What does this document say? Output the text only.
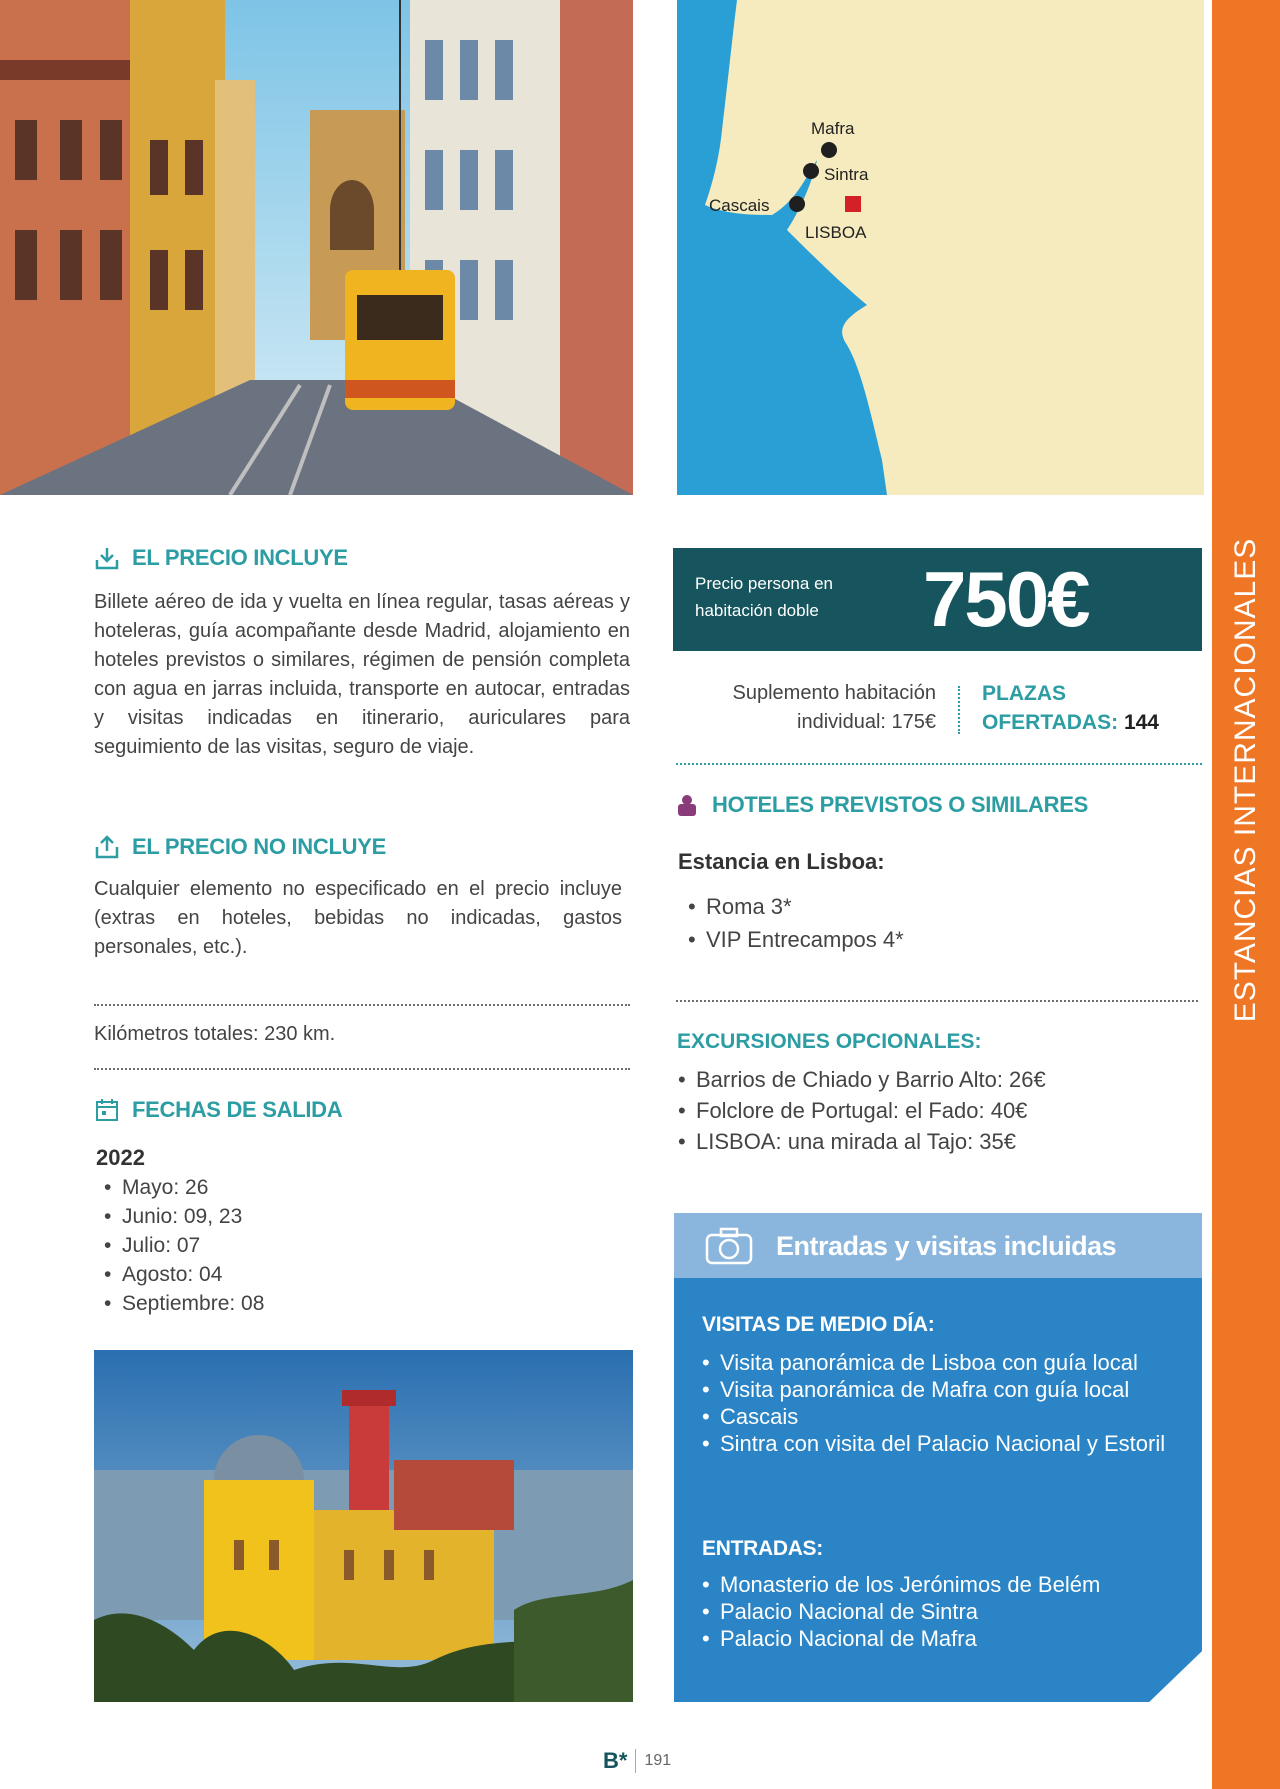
Mafra
Sintra
Cascais
LISBOA
ESTANCIAS INTERNACIONALES
EL PRECIO INCLUYE
Billete aéreo de ida y vuelta en línea regular, tasas aéreas y hoteleras, guía acompañante desde Madrid, alojamiento en hoteles previstos o similares, régimen de pensión completa con agua en jarras incluida, transporte en autocar, entradas y visitas indicadas en itinerario, auriculares para seguimiento de las visitas, seguro de viaje.
EL PRECIO NO INCLUYE
Cualquier elemento no especificado en el precio incluye (extras en hoteles, bebidas no indicadas, gastos personales, etc.).
Kilómetros totales: 230 km.
FECHAS DE SALIDA
2022
• Mayo: 26
• Junio: 09, 23
• Julio: 07
• Agosto: 04
• Septiembre: 08
Precio persona en habitación doble	750€
Suplemento habitación
individual: 175€
PLAZAS
OFERTADAS: 144
HOTELES PREVISTOS O SIMILARES
Estancia en Lisboa:
• Roma 3*
• VIP Entrecampos 4*
EXCURSIONES OPCIONALES:
• Barrios de Chiado y Barrio Alto: 26€
• Folclore de Portugal: el Fado: 40€
• LISBOA: una mirada al Tajo: 35€
Entradas y visitas incluidas
VISITAS DE MEDIO DÍA:
• Visita panorámica de Lisboa con guía local
• Visita panorámica de Mafra con guía local
• Cascais
• Sintra con visita del Palacio Nacional y Estoril
ENTRADAS:
• Monasterio de los Jerónimos de Belém
• Palacio Nacional de Sintra
• Palacio Nacional de Mafra
B* 191
